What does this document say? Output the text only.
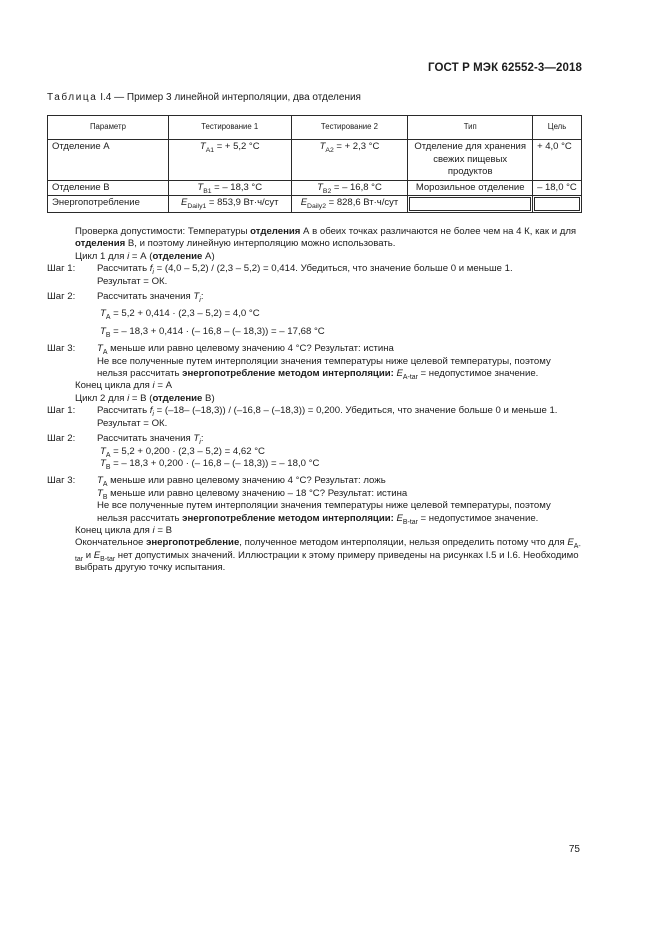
ГОСТ Р МЭК 62552-3—2018
Таблица I.4 — Пример 3 линейной интерполяции, два отделения
Параметр	Тестирование 1	Тестирование 2	Тип	Цель
Отделение А	$T_{A1}$ = + 5,2 °С	$T_{A2}$ = + 2,3 °С	Отделение для хранения свежих пищевых продуктов	+ 4,0 °С
Отделение В	$T_{B1}$ = – 18,3 °С	$T_{B2}$ = – 16,8 °С	Морозильное отделение	– 18,0 °С
Энергопотребление	$E_{Daily1} = 853,9$ Вт·ч/сут	$E_{Daily2} = 828,6$ Вт·ч/сут	

Проверка допустимости: Температуры отделения А в обеих точках различаются не более чем на 4 К, как и для отделения В, и поэтому линейную интерполяцию можно использовать.

Цикл 1 для i = А (отделение А)

Шаг 1:	Рассчитать $f_i = (4,0 - 5,2) / (2,3 - 5,2) = 0,414$. Убедиться, что значение больше 0 и меньше 1.

Результат = ОК.

Шаг 2:	Рассчитать значения $T_i$:

$T_A = 5,2 + 0,414 \cdot (2,3 - 5,2) = 4,0$ °С

$T_B$ = – 18,3 + 0,414 · (– 16,8 – (– 18,3)) = – 17,68 °С

Шаг 3:	$T_A$ меньше или равно целевому значению 4 °С? Результат: истина

Не все полученные путем интерполяции значения температуры ниже целевой температуры, поэтому нельзя рассчитать энергопотребление методом интерполяции: $E_{A-tar}$ = недопустимое значение.

Конец цикла для i = А

Цикл 2 для i = В (отделение В)

Шаг 1:	Рассчитать $f_i = (-18-$ (–18,3)) / (–16,8 – (–18,3)) = 0,200. Убедиться, что значение больше 0 и меньше 1.

Результат = ОК.

Шаг 2:	Рассчитать значения $T_i$:

$T_A = 5,2 + 0,200 \cdot (2,3 - 5,2) = 4,62$ °С

$T_B$ = – 18,3 + 0,200 · (– 16,8 – (– 18,3)) = – 18,0 °С

Шаг 3:	$T_A$ меньше или равно целевому значению 4 °С? Результат: ложь

$T_B$ меньше или равно целевому значению – 18 °С? Результат: истина

Не все полученные путем интерполяции значения температуры ниже целевой температуры, поэтому нельзя рассчитать энергопотребление методом интерполяции: $E_{B-tar}$ = недопустимое значение.

Конец цикла для i = В

Окончательное энергопотребление, полученное методом интерполяции, нельзя определить потому что для $E_{A-tar}$ и $E_{B-tar}$ нет допустимых значений. Иллюстрации к этому примеру приведены на рисунках I.5 и I.6. Необходимо выбрать другую точку испытания.

75
